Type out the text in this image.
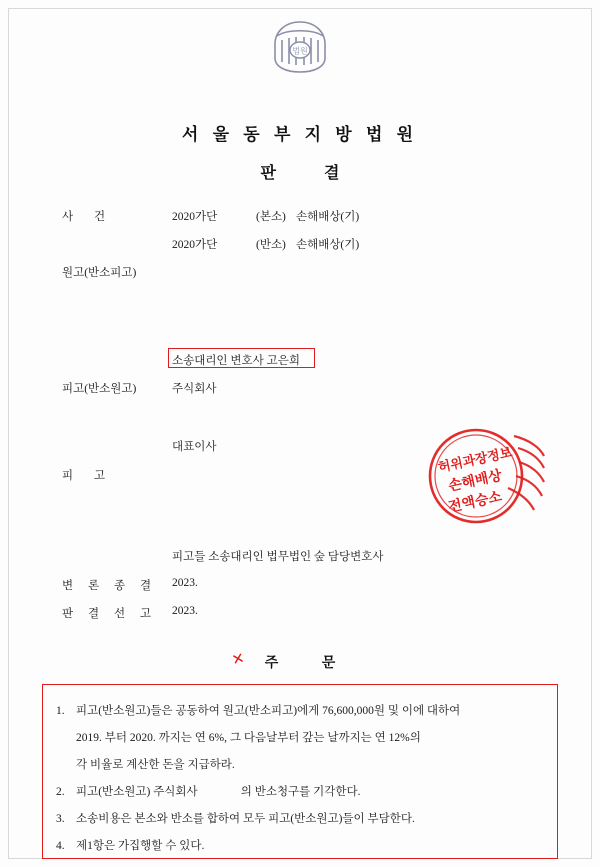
법원
서 울 동 부 지 방 법 원
판 결
사 건	2020가단	(본소) 손해배상(기)
2020가단	(반소) 손해배상(기)
원고(반소피고)
소송대리인 변호사 고은희
피고(반소원고)	주식회사
대표이사
피 고
피고들 소송대리인 법무법인 숲 담당변호사
변 론 종 결 2023.
판 결 선 고 2023.
허위과장정보
손해배상
전액승소
✕	주 문
1. 피고(반소원고)들은 공동하여 원고(반소피고)에게 76,600,000원 및 이에 대하여
2019. 부터 2020. 까지는 연 6%, 그 다음날부터 갚는 날까지는 연 12%의
각 비율로 계산한 돈을 지급하라.
2. 피고(반소원고) 주식회사               의 반소청구를 기각한다.
3. 소송비용은 본소와 반소를 합하여 모두 피고(반소원고)들이 부담한다.
4. 제1항은 가집행할 수 있다.
